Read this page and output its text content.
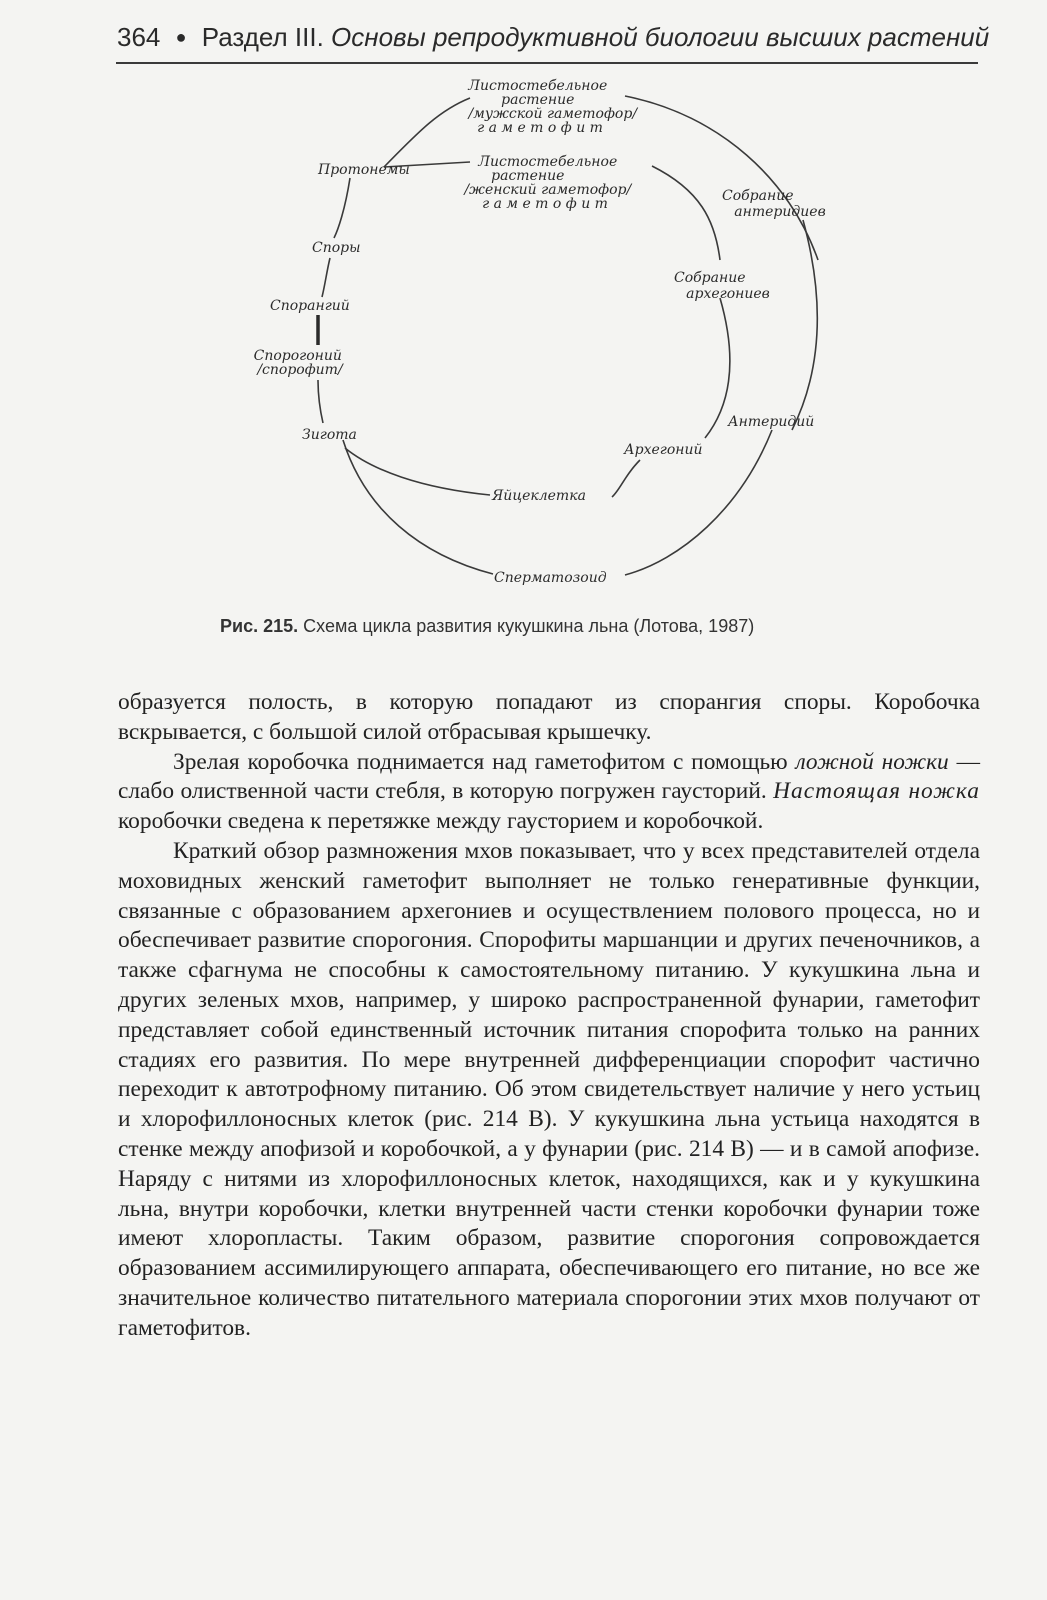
364 ● Раздел III. Основы репродуктивной биологии высших растений
Листостебельное растение /мужской гаметофор/ г а м е т о ф и т
Протонемы	Листостебельное растение /женский гаметофор/ г а м е т о ф и т	Собрание антеридиев
Споры
Собрание архегониев
Спорангий
Спорогоний /спорофит/
Зигота
Антеридий
Архегоний
Яйцеклетка
Сперматозоид
Рис. 215. Схема цикла развития кукушкина льна (Лотова, 1987)

образуется полость, в которую попадают из спорангия споры. Коробочка вскрывается, с большой силой отбрасывая крышечку.

Зрелая коробочка поднимается над гаметофитом с помощью ложной ножки — слабо олиственной части стебля, в которую погружен гаусторий. Настоящая ножка коробочки сведена к перетяжке между гаусторием и коробочкой.

Краткий обзор размножения мхов показывает, что у всех представителей отдела моховидных женский гаметофит выполняет не только генеративные функции, связанные с образованием архегониев и осуществлением полового процесса, но и обеспечивает развитие спорогония. Спорофиты маршанции и других печеночников, а также сфагнума не способны к самостоятельному питанию. У кукушкина льна и других зеленых мхов, например, у широко распространенной фунарии, гаметофит представляет собой единственный источник питания спорофита только на ранних стадиях его развития. По мере внутренней дифференциации спорофит частично переходит к автотрофному питанию. Об этом свидетельствует наличие у него устьиц и хлорофиллоносных клеток (рис. 214 В). У кукушкина льна устьица находятся в стенке между апофизой и коробочкой, а у фунарии (рис. 214 В) — и в самой апофизе. Наряду с нитями из хлорофиллоносных клеток, находящихся, как и у кукушкина льна, внутри коробочки, клетки внутренней части стенки коробочки фунарии тоже имеют хлоропласты. Таким образом, развитие спорогония сопровождается образованием ассимилирующего аппарата, обеспечивающего его питание, но все же значительное количество питательного материала спорогонии этих мхов получают от гаметофитов.
